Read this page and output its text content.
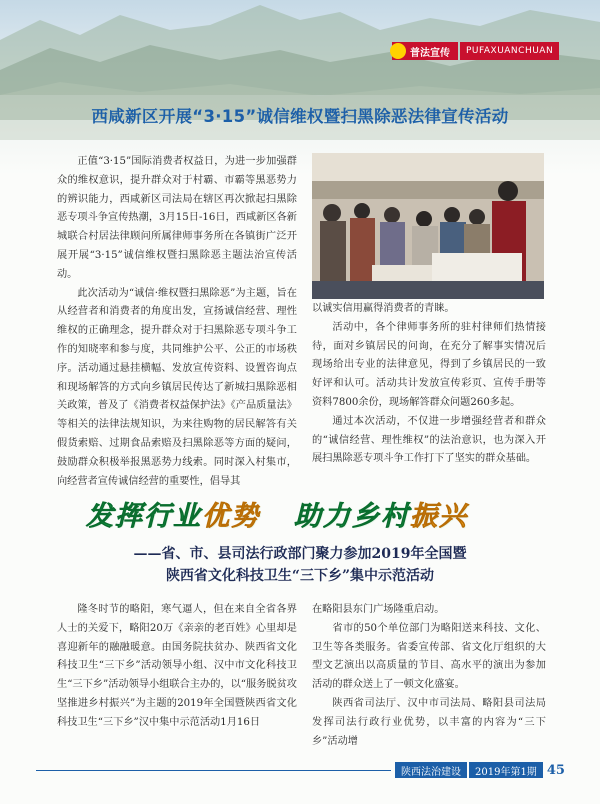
普法宣传	PUFAXUANCHUAN
西咸新区开展“3·15”诚信维权暨扫黑除恶法律宣传活动

正值“3·15”国际消费者权益日，为进一步加强群众的维权意识，提升群众对于村霸、市霸等黑恶势力的辨识能力，西咸新区司法局在辖区再次掀起扫黑除恶专项斗争宣传热潮，3月15日-16日，西咸新区各新城联合村居法律顾问所属律师事务所在各镇街广泛开展开展“3·15”诚信维权暨扫黑除恶主题法治宣传活动。

此次活动为“诚信·维权暨扫黑除恶”为主题，旨在从经营者和消费者的角度出发，宣扬诚信经营、理性维权的正确理念，提升群众对于扫黑除恶专项斗争工作的知晓率和参与度，共同维护公平、公正的市场秩序。活动通过悬挂横幅、发放宣传资料、设置咨询点和现场解答的方式向乡镇居民传达了新城扫黑除恶相关政策，普及了《消费者权益保护法》《产品质量法》等相关的法律法规知识，为来往购物的居民解答有关假货索赔、过期食品索赔及扫黑除恶等方面的疑问，鼓励群众积极举报黑恶势力线索。同时深入村集市，向经营者宣传诚信经营的重要性，倡导其

以诚实信用赢得消费者的青睐。

活动中，各个律师事务所的驻村律师们热情接待，面对乡镇居民的问询，在充分了解事实情况后现场给出专业的法律意见，得到了乡镇居民的一致好评和认可。活动共计发放宣传彩页、宣传手册等资料7800余份，现场解答群众问题260多起。

通过本次活动，不仅进一步增强经营者和群众的“诚信经营、理性维权”的法治意识，也为深入开展扫黑除恶专项斗争工作打下了坚实的群众基础。

发挥行业优势 助力乡村振兴
——省、市、县司法行政部门聚力参加2019年全国暨
陕西省文化科技卫生“三下乡”集中示范活动

隆冬时节的略阳，寒气逼人，但在来自全省各界人士的关爱下，略阳20万《亲亲的老百姓》心里却是喜迎新年的融融暖意。由国务院扶贫办、陕西省文化科技卫生“三下乡”活动领导小组、汉中市文化科技卫生“三下乡”活动领导小组联合主办的，以“服务脱贫攻坚推进乡村振兴”为主题的2019年全国暨陕西省文化科技卫生“三下乡”汉中集中示范活动1月16日

在略阳县东门广场隆重启动。

省市的50个单位部门为略阳送来科技、文化、卫生等各类服务。省委宣传部、省文化厅组织的大型文艺演出以高质量的节目、高水平的演出为参加活动的群众送上了一顿文化盛宴。

陕西省司法厅、汉中市司法局、略阳县司法局发挥司法行政行业优势，以丰富的内容为“三下乡”活动增

陕西法治建设	2019年第1期 45
